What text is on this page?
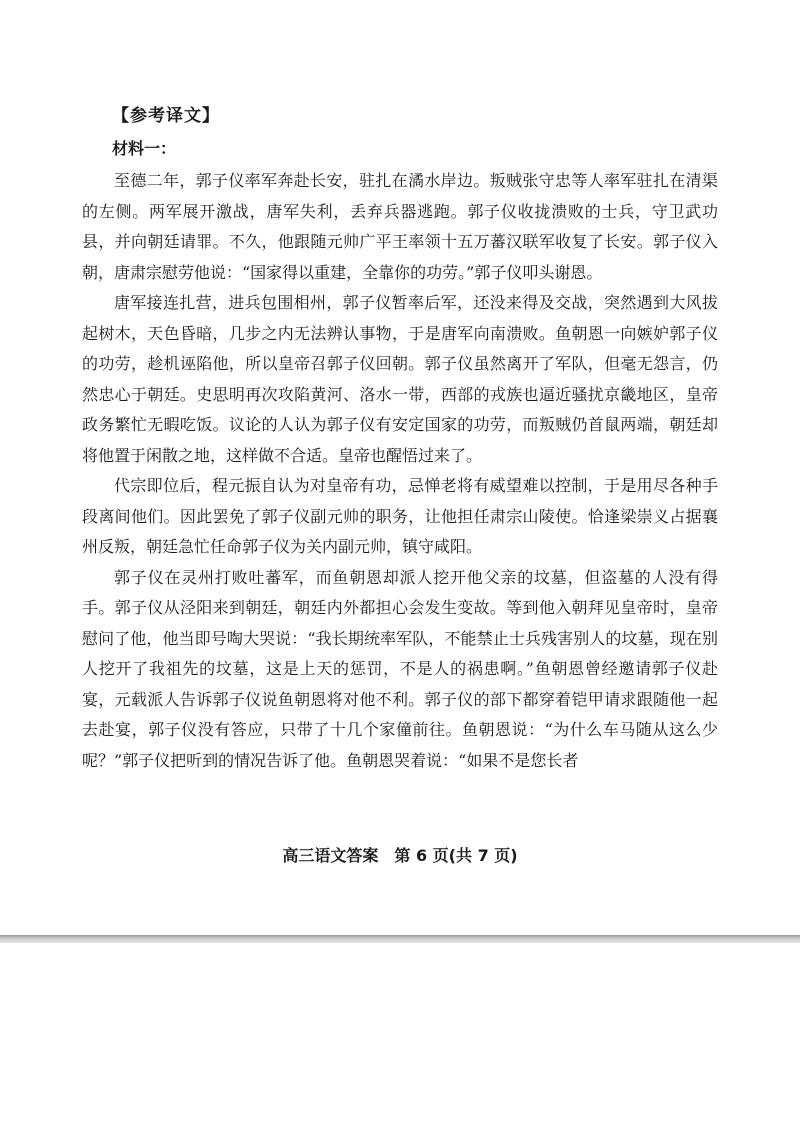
【参考译文】
材料一：

至德二年，郭子仪率军奔赴长安，驻扎在潏水岸边。叛贼张守忠等人率军驻扎在清渠的左侧。两军展开激战，唐军失利，丢弃兵器逃跑。郭子仪收拢溃败的士兵，守卫武功县，并向朝廷请罪。不久，他跟随元帅广平王率领十五万蕃汉联军收复了长安。郭子仪入朝，唐肃宗慰劳他说：“国家得以重建，全靠你的功劳。”郭子仪叩头谢恩。

唐军接连扎营，进兵包围相州，郭子仪暂率后军，还没来得及交战，突然遇到大风拔起树木，天色昏暗，几步之内无法辨认事物，于是唐军向南溃败。鱼朝恩一向嫉妒郭子仪的功劳，趁机诬陷他，所以皇帝召郭子仪回朝。郭子仪虽然离开了军队，但毫无怨言，仍然忠心于朝廷。史思明再次攻陷黄河、洛水一带，西部的戎族也逼近骚扰京畿地区，皇帝政务繁忙无暇吃饭。议论的人认为郭子仪有安定国家的功劳，而叛贼仍首鼠两端，朝廷却将他置于闲散之地，这样做不合适。皇帝也醒悟过来了。

代宗即位后，程元振自认为对皇帝有功，忌惮老将有威望难以控制，于是用尽各种手段离间他们。因此罢免了郭子仪副元帅的职务，让他担任肃宗山陵使。恰逢梁崇义占据襄州反叛，朝廷急忙任命郭子仪为关内副元帅，镇守咸阳。

郭子仪在灵州打败吐蕃军，而鱼朝恩却派人挖开他父亲的坟墓，但盗墓的人没有得手。郭子仪从泾阳来到朝廷，朝廷内外都担心会发生变故。等到他入朝拜见皇帝时，皇帝慰问了他，他当即号啕大哭说：“我长期统率军队，不能禁止士兵残害别人的坟墓，现在别人挖开了我祖先的坟墓，这是上天的惩罚，不是人的祸患啊。”鱼朝恩曾经邀请郭子仪赴宴，元载派人告诉郭子仪说鱼朝恩将对他不利。郭子仪的部下都穿着铠甲请求跟随他一起去赴宴，郭子仪没有答应，只带了十几个家僮前往。鱼朝恩说：“为什么车马随从这么少呢？”郭子仪把听到的情况告诉了他。鱼朝恩哭着说：“如果不是您长者

高三语文答案　第 6 页(共 7 页)
